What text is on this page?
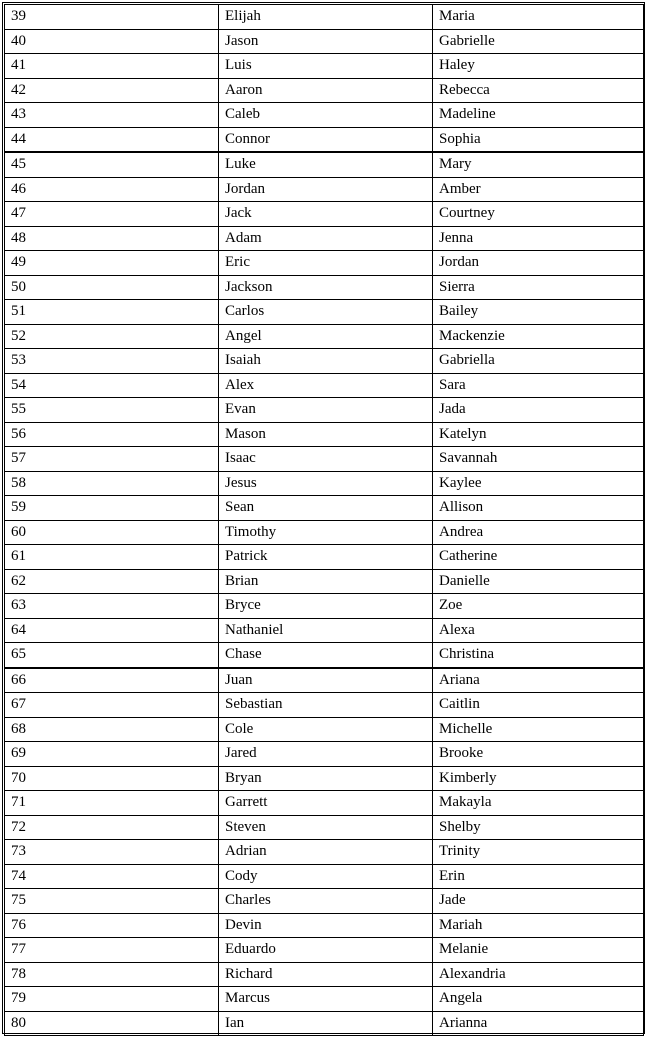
39	Elijah	Maria
40	Jason	Gabrielle
41	Luis	Haley
42	Aaron	Rebecca
43	Caleb	Madeline
44	Connor	Sophia
45	Luke	Mary
46	Jordan	Amber
47	Jack	Courtney
48	Adam	Jenna
49	Eric	Jordan
50	Jackson	Sierra
51	Carlos	Bailey
52	Angel	Mackenzie
53	Isaiah	Gabriella
54	Alex	Sara
55	Evan	Jada
56	Mason	Katelyn
57	Isaac	Savannah
58	Jesus	Kaylee
59	Sean	Allison
60	Timothy	Andrea
61	Patrick	Catherine
62	Brian	Danielle
63	Bryce	Zoe
64	Nathaniel	Alexa
65	Chase	Christina
66	Juan	Ariana
67	Sebastian	Caitlin
68	Cole	Michelle
69	Jared	Brooke
70	Bryan	Kimberly
71	Garrett	Makayla
72	Steven	Shelby
73	Adrian	Trinity
74	Cody	Erin
75	Charles	Jade
76	Devin	Mariah
77	Eduardo	Melanie
78	Richard	Alexandria
79	Marcus	Angela
80	Ian	Arianna
